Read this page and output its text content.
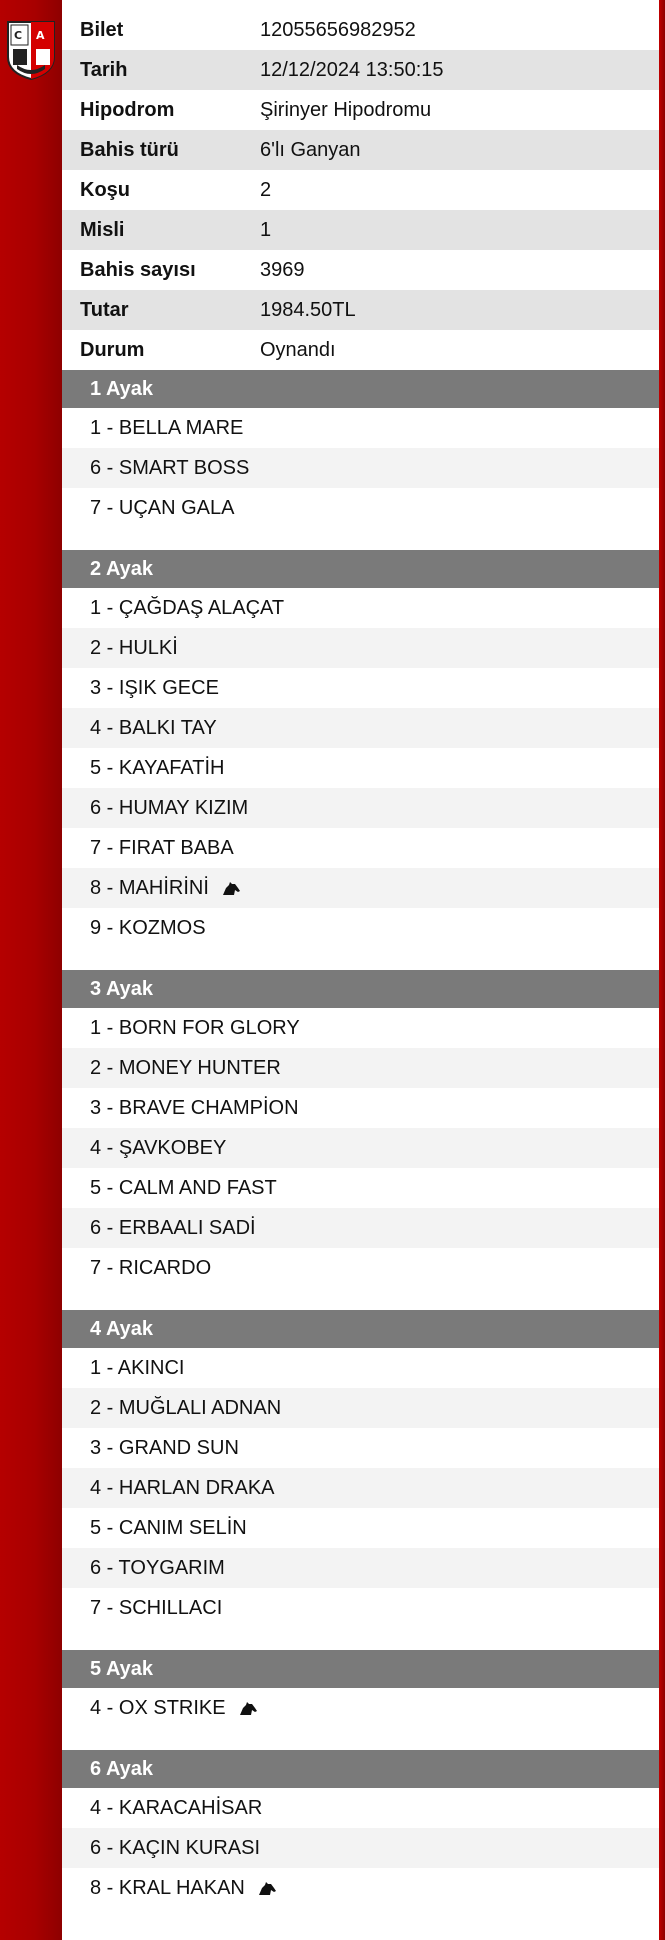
C A	Bilet	12055656982952
Tarih	12/12/2024 13:50:15
Hipodrom	Şirinyer Hipodromu
Bahis türü	6'lı Ganyan
Koşu	2
Misli	1
Bahis sayısı	3969
Tutar	1984.50TL
Durum	Oynandı
1 Ayak
1 - BELLA MARE
6 - SMART BOSS
7 - UÇAN GALA
2 Ayak
1 - ÇAĞDAŞ ALAÇAT
2 - HULKİ
3 - IŞIK GECE
4 - BALKI TAY
5 - KAYAFATİH
6 - HUMAY KIZIM
7 - FIRAT BABA
8 - MAHİRİNİ
9 - KOZMOS
3 Ayak
1 - BORN FOR GLORY
2 - MONEY HUNTER
3 - BRAVE CHAMPİON
4 - ŞAVKOBEY
5 - CALM AND FAST
6 - ERBAALI SADİ
7 - RICARDO
4 Ayak
1 - AKINCI
2 - MUĞLALI ADNAN
3 - GRAND SUN
4 - HARLAN DRAKA
5 - CANIM SELİN
6 - TOYGARIM
7 - SCHILLACI
5 Ayak
4 - OX STRIKE
6 Ayak
4 - KARACAHİSAR
6 - KAÇIN KURASI
8 - KRAL HAKAN
